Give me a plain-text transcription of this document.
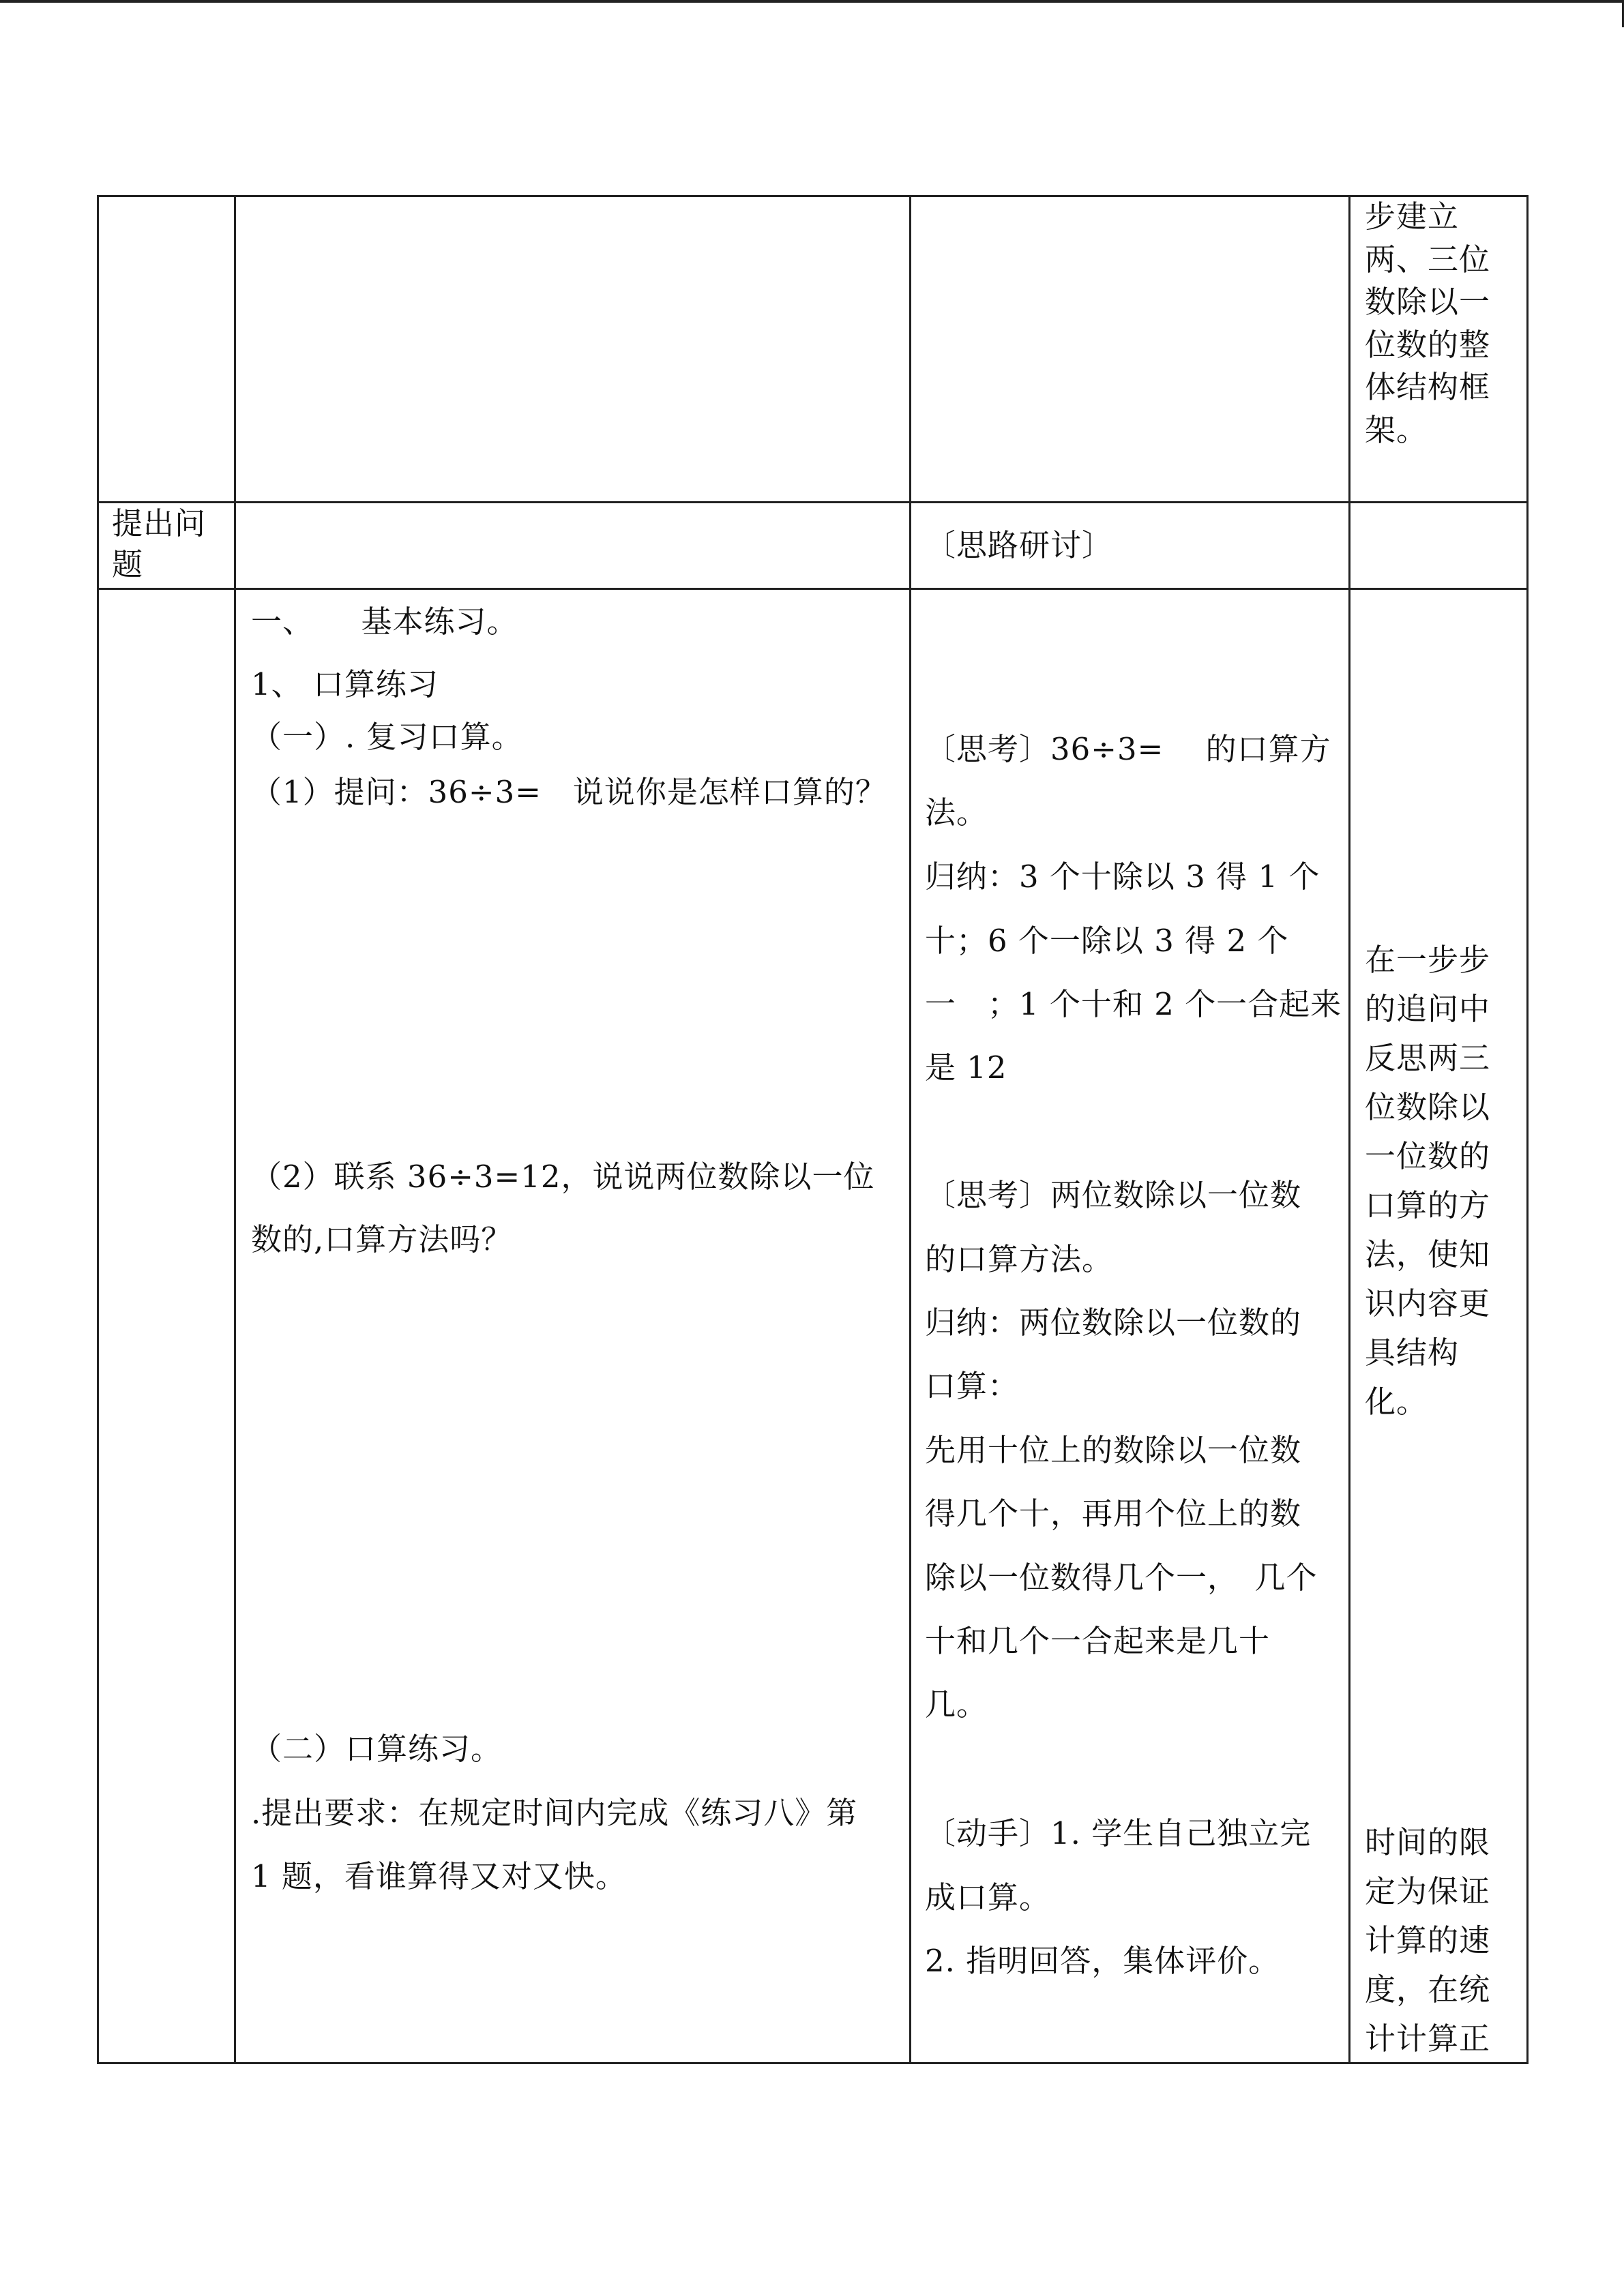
步建立

两、三位

数除以一

位数的整

体结构框

架。

提出问

题

〔思路研讨〕

一、　　基本练习。

1、 口算练习

（一）. 复习口算。

（1）提问：36÷3=　说说你是怎样口算的？

（2）联系 36÷3=12，说说两位数除以一位

数的,口算方法吗？

（二）口算练习。

.提出要求：在规定时间内完成《练习八》第

1 题，看谁算得又对又快。

〔思考〕36÷3=　 的口算方

法。

归纳：3 个十除以 3 得 1 个

十；6 个一除以 3 得 2 个

一　；1 个十和 2 个一合起来

是 12

〔思考〕两位数除以一位数

的口算方法。

归纳：两位数除以一位数的

口算：

先用十位上的数除以一位数

得几个十，再用个位上的数

除以一位数得几个一，　几个

十和几个一合起来是几十

几。

〔动手〕1. 学生自己独立完

成口算。

2. 指明回答，集体评价。

在一步步

的追问中

反思两三

位数除以

一位数的

口算的方

法，使知

识内容更

具结构

化。

时间的限

定为保证

计算的速

度，在统

计计算正
